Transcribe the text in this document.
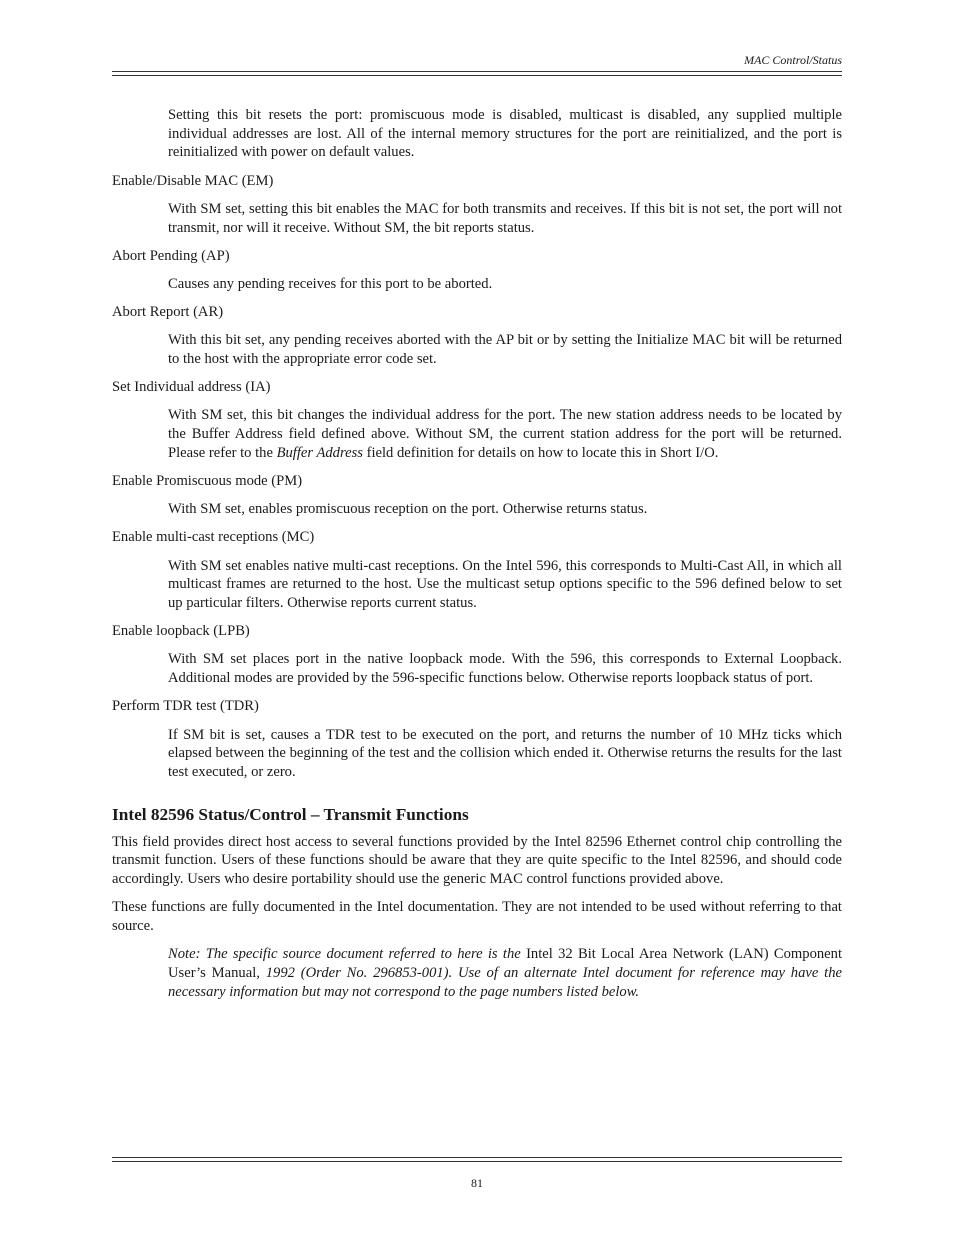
MAC Control/Status

Setting this bit resets the port: promiscuous mode is disabled, multicast is disabled, any supplied multiple individual addresses are lost. All of the internal memory structures for the port are reinitialized, and the port is reinitialized with power on default values.

Enable/Disable MAC (EM)

With SM set, setting this bit enables the MAC for both transmits and receives. If this bit is not set, the port will not transmit, nor will it receive. Without SM, the bit reports status.

Abort Pending (AP)

Causes any pending receives for this port to be aborted.

Abort Report (AR)

With this bit set, any pending receives aborted with the AP bit or by setting the Initialize MAC bit will be returned to the host with the appropriate error code set.

Set Individual address (IA)

With SM set, this bit changes the individual address for the port. The new station address needs to be located by the Buffer Address field defined above. Without SM, the current station address for the port will be returned. Please refer to the Buffer Address field definition for details on how to locate this in Short I/O.

Enable Promiscuous mode (PM)

With SM set, enables promiscuous reception on the port. Otherwise returns status.

Enable multi-cast receptions (MC)

With SM set enables native multi-cast receptions. On the Intel 596, this corresponds to Multi-Cast All, in which all multicast frames are returned to the host. Use the multicast setup options specific to the 596 defined below to set up particular filters. Otherwise reports current status.

Enable loopback (LPB)

With SM set places port in the native loopback mode. With the 596, this corresponds to External Loopback. Additional modes are provided by the 596-specific functions below. Otherwise reports loopback status of port.

Perform TDR test (TDR)

If SM bit is set, causes a TDR test to be executed on the port, and returns the number of 10 MHz ticks which elapsed between the beginning of the test and the collision which ended it. Otherwise returns the results for the last test executed, or zero.

Intel 82596 Status/Control – Transmit Functions

This field provides direct host access to several functions provided by the Intel 82596 Ethernet control chip controlling the transmit function. Users of these functions should be aware that they are quite specific to the Intel 82596, and should code accordingly. Users who desire portability should use the generic MAC control functions provided above.

These functions are fully documented in the Intel documentation. They are not intended to be used without referring to that source.

Note: The specific source document referred to here is the Intel 32 Bit Local Area Network (LAN) Component User’s Manual, 1992 (Order No. 296853-001). Use of an alternate Intel document for reference may have the necessary information but may not correspond to the page numbers listed below.

81
